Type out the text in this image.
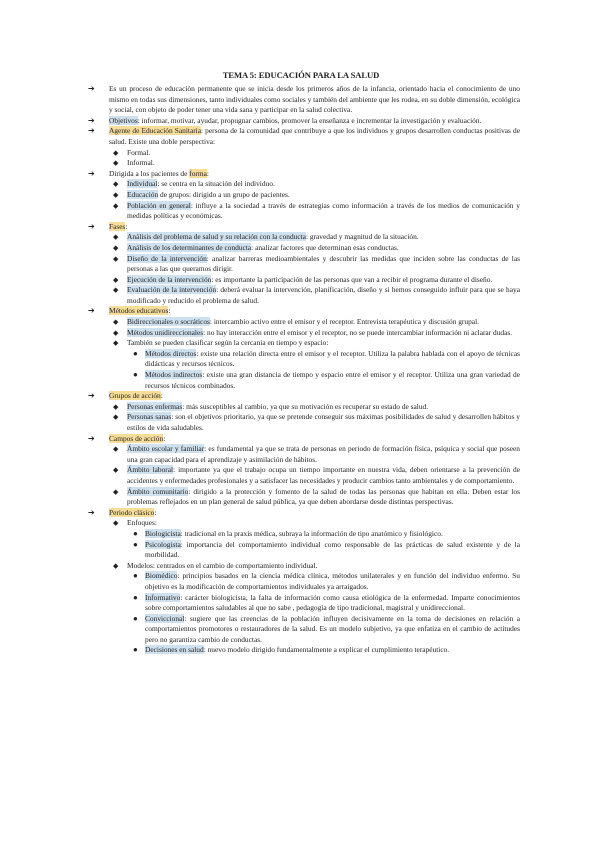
TEMA 5: EDUCACIÓN PARA LA SALUD
➔ Es un proceso de educación permanente que se inicia desde los primeros años de la infancia, orientado hacia el conocimiento de uno mismo en todas sus dimensiones, tanto individuales como sociales y también del ambiente que les rodea, en su doble dimensión, ecológica y social, con objeto de poder tener una vida sana y participar en la salud colectiva.
➔ Objetivos: informar, motivar, ayudar, propugnar cambios, promover la enseñanza e incrementar la investigación y evaluación.
➔ Agente de Educación Sanitaria: persona de la comunidad que contribuye a que los individuos y grupos desarrollen conductas positivas de salud. Existe una doble perspectiva:
◆ Formal.
◆ Informal.
➔ Dirigida a los pacientes de forma:
◆ Individual: se centra en la situación del individuo.
◆ Educación de grupos: dirigido a un grupo de pacientes.
◆ Población en general: influye a la sociedad a través de estrategias como información a través de los medios de comunicación y medidas políticas y económicas.
➔ Fases:
◆ Análisis del problema de salud y su relación con la conducta: gravedad y magnitud de la situación.
◆ Análisis de los determinantes de conducta: analizar factores que determinan esas conductas.
◆ Diseño de la intervención: analizar barreras medioambientales y descubrir las medidas que inciden sobre las conductas de las personas a las que queramos dirigir.
◆ Ejecución de la intervención: es importante la participación de las personas que van a recibir el programa durante el diseño.
◆ Evaluación de la intervención: deberá evaluar la intervención, planificación, diseño y si hemos conseguido influir para que se haya modificado y reducido el problema de salud.
➔ Métodos educativos:
◆ Bidireccionales o socráticos: intercambio activo entre el emisor y el receptor. Entrevista terapéutica y discusión grupal.
◆ Métodos unidireccionales: no hay interacción entre el emisor y el receptor, no se puede intercambiar información ni aclarar dudas.
◆ También se pueden clasificar según la cercanía en tiempo y espacio:
● Métodos directos: existe una relación directa entre el emisor y el receptor. Utiliza la palabra hablada con el apoyo de técnicas didácticas y recursos técnicos.
● Métodos indirectos: existe una gran distancia de tiempo y espacio entre el emisor y el receptor. Utiliza una gran variedad de recursos técnicos combinados.
➔ Grupos de acción:
◆ Personas enfermas: más susceptibles al cambio, ya que su motivación es recuperar su estado de salud.
◆ Personas sanas: son el objetivos prioritario, ya que se pretende conseguir sus máximas posibilidades de salud y desarrollen hábitos y estilos de vida saludables.
➔ Campos de acción:
◆ Ámbito escolar y familiar: es fundamental ya que se trata de personas en periodo de formación física, psíquica y social que poseen una gran capacidad para el aprendizaje y asimilación de hábitos.
◆ Ámbito laboral: importante ya que el trabajo ocupa un tiempo importante en nuestra vida, deben orientarse a la prevención de accidentes y enfermedades profesionales y a satisfacer las necesidades y producir cambios tanto ambientales y de comportamiento.
◆ Ámbito comunitario: dirigido a la protección y fomento de la salud de todas las personas que habitan en ella. Deben estar los problemas reflejados en un plan general de salud pública, ya que deben abordarse desde distintas perspectivas.
➔ Periodo clásico:
◆ Enfoques:
● Biologicista: tradicional en la praxis médica, subraya la información de tipo anatómico y fisiológico.
● Psicologista: importancia del comportamiento individual como responsable de las prácticas de salud existente y de la morbilidad.
◆ Modelos: centrados en el cambio de comportamiento individual.
● Biomédico: principios basados en la ciencia médica clínica, métodos unilaterales y en función del individuo enfermo. Su objetivo es la modificación de comportamientos individuales ya arraigados.
● Informativo: carácter biologicista, la falta de información como causa etiológica de la enfermedad. Imparte conocimientos sobre comportamientos saludables al que no sabe , pedagogía de tipo tradicional, magistral y unidireccional.
● Conviccional: sugiere que las creencias de la población influyen decisivamente en la toma de decisiones en relación a comportamientos promotores o restauradores de la salud. Es un modelo subjetivo, ya que enfatiza en el cambio de actitudes pero no garantiza cambio de conductas.
● Decisiones en salud: nuevo modelo dirigido fundamentalmente a explicar el cumplimiento terapéutico.
